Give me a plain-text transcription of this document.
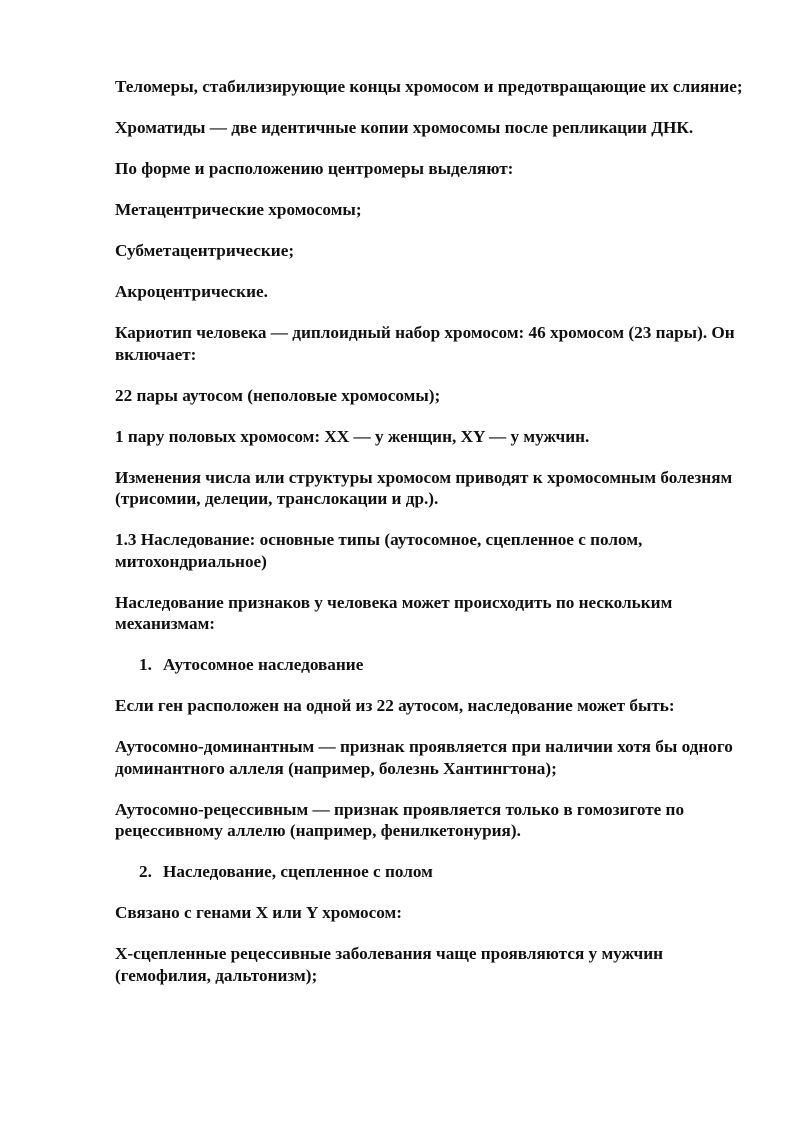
Теломеры, стабилизирующие концы хромосом и предотвращающие их слияние;

Хроматиды — две идентичные копии хромосомы после репликации ДНК.

По форме и расположению центромеры выделяют:

Метацентрические хромосомы;

Субметацентрические;

Акроцентрические.

Кариотип человека — диплоидный набор хромосом: 46 хромосом (23 пары). Он включает:

22 пары аутосом (неполовые хромосомы);

1 пару половых хромосом: XX — у женщин, XY — у мужчин.

Изменения числа или структуры хромосом приводят к хромосомным болезням (трисомии, делеции, транслокации и др.).

1.3 Наследование: основные типы (аутосомное, сцепленное с полом, митохондриальное)

Наследование признаков у человека может происходить по нескольким механизмам:

1. Аутосомное наследование

Если ген расположен на одной из 22 аутосом, наследование может быть:

Аутосомно-доминантным — признак проявляется при наличии хотя бы одного доминантного аллеля (например, болезнь Хантингтона);

Аутосомно-рецессивным — признак проявляется только в гомозиготе по рецессивному аллелю (например, фенилкетонурия).

2. Наследование, сцепленное с полом

Связано с генами X или Y хромосом:

X-сцепленные рецессивные заболевания чаще проявляются у мужчин (гемофилия, дальтонизм);
